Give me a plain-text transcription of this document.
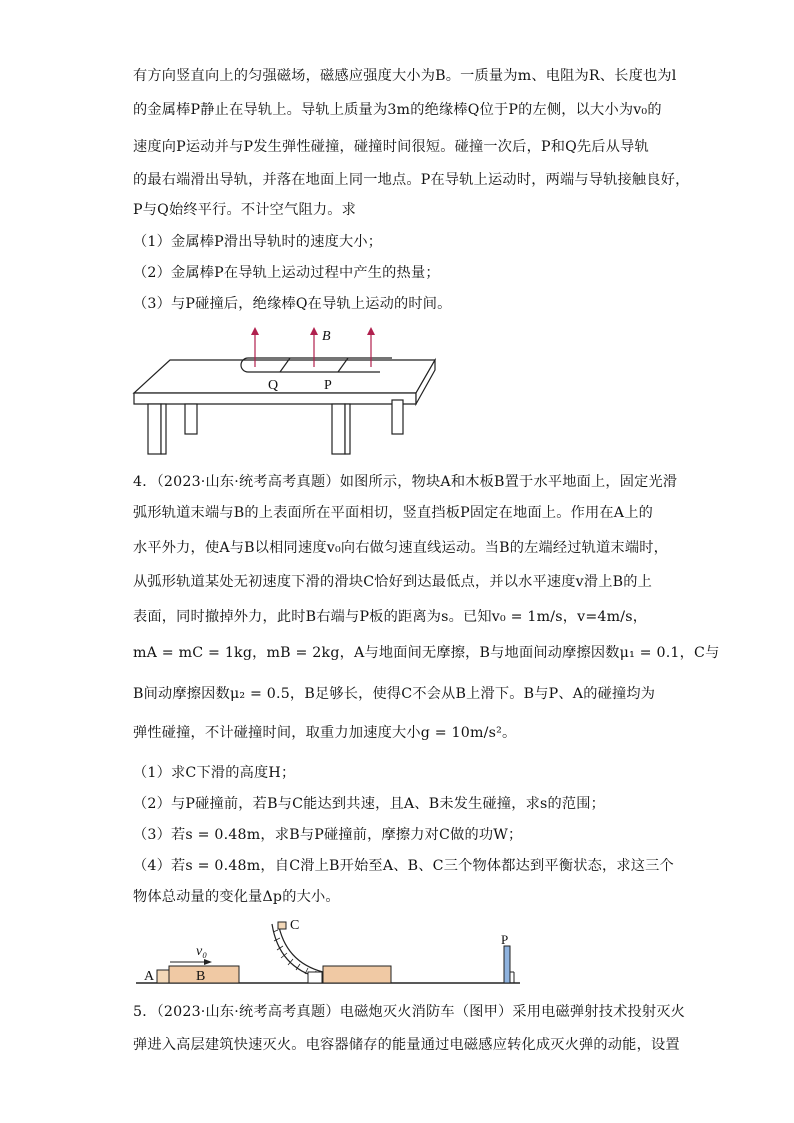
有方向竖直向上的匀强磁场，磁感应强度大小为B。一质量为m、电阻为R、长度也为l
的金属棒P静止在导轨上。导轨上质量为3m的绝缘棒Q位于P的左侧，以大小为v₀的
速度向P运动并与P发生弹性碰撞，碰撞时间很短。碰撞一次后，P和Q先后从导轨
的最右端滑出导轨，并落在地面上同一地点。P在导轨上运动时，两端与导轨接触良好，
P与Q始终平行。不计空气阻力。求
（1）金属棒P滑出导轨时的速度大小；
（2）金属棒P在导轨上运动过程中产生的热量；
（3）与P碰撞后，绝缘棒Q在导轨上运动的时间。
B
Q	P
4．（2023·山东·统考高考真题）如图所示，物块A和木板B置于水平地面上，固定光滑
弧形轨道末端与B的上表面所在平面相切，竖直挡板P固定在地面上。作用在A上的
水平外力，使A与B以相同速度v₀向右做匀速直线运动。当B的左端经过轨道末端时，
从弧形轨道某处无初速度下滑的滑块C恰好到达最低点，并以水平速度v滑上B的上
表面，同时撤掉外力，此时B右端与P板的距离为s。已知v₀ = 1m/s，v=4m/s，
mA = mC = 1kg，mB = 2kg，A与地面间无摩擦，B与地面间动摩擦因数μ₁ = 0.1，C与
B间动摩擦因数μ₂ = 0.5，B足够长，使得C不会从B上滑下。B与P、A的碰撞均为
弹性碰撞，不计碰撞时间，取重力加速度大小g = 10m/s²。
（1）求C下滑的高度H；
（2）与P碰撞前，若B与C能达到共速，且A、B未发生碰撞，求s的范围；
（3）若s = 0.48m，求B与P碰撞前，摩擦力对C做的功W；
（4）若s = 0.48m，自C滑上B开始至A、B、C三个物体都达到平衡状态，求这三个
物体总动量的变化量Δp的大小。
A	B
v₀
C
P
5．（2023·山东·统考高考真题）电磁炮灭火消防车（图甲）采用电磁弹射技术投射灭火
弹进入高层建筑快速灭火。电容器储存的能量通过电磁感应转化成灭火弹的动能，设置
